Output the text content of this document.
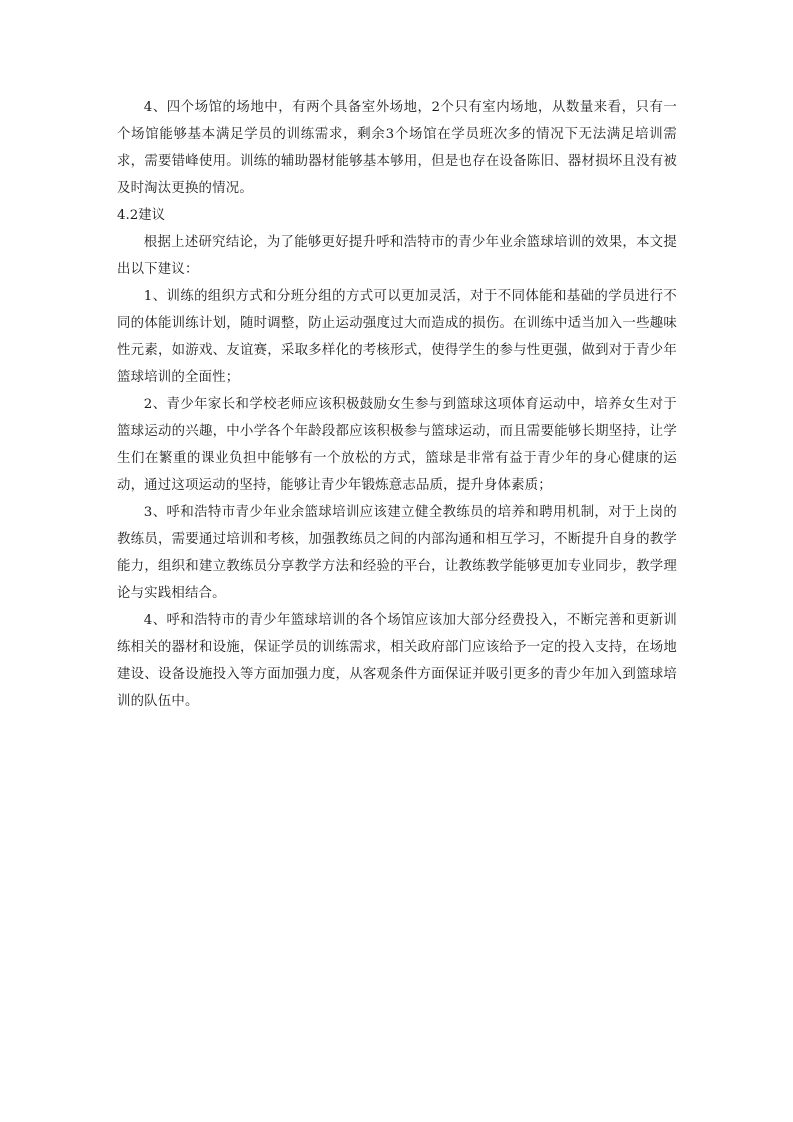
4、四个场馆的场地中，有两个具备室外场地，2个只有室内场地，从数量来看，只有一个场馆能够基本满足学员的训练需求，剩余3个场馆在学员班次多的情况下无法满足培训需求，需要错峰使用。训练的辅助器材能够基本够用，但是也存在设备陈旧、器材损坏且没有被及时淘汰更换的情况。

4.2建议

根据上述研究结论，为了能够更好提升呼和浩特市的青少年业余篮球培训的效果，本文提出以下建议：

1、训练的组织方式和分班分组的方式可以更加灵活，对于不同体能和基础的学员进行不同的体能训练计划，随时调整，防止运动强度过大而造成的损伤。在训练中适当加入一些趣味性元素，如游戏、友谊赛，采取多样化的考核形式，使得学生的参与性更强，做到对于青少年篮球培训的全面性；

2、青少年家长和学校老师应该积极鼓励女生参与到篮球这项体育运动中，培养女生对于篮球运动的兴趣，中小学各个年龄段都应该积极参与篮球运动，而且需要能够长期坚持，让学生们在繁重的课业负担中能够有一个放松的方式，篮球是非常有益于青少年的身心健康的运动，通过这项运动的坚持，能够让青少年锻炼意志品质，提升身体素质；

3、呼和浩特市青少年业余篮球培训应该建立健全教练员的培养和聘用机制，对于上岗的教练员，需要通过培训和考核，加强教练员之间的内部沟通和相互学习，不断提升自身的教学能力，组织和建立教练员分享教学方法和经验的平台，让教练教学能够更加专业同步，教学理论与实践相结合。

4、呼和浩特市的青少年篮球培训的各个场馆应该加大部分经费投入，不断完善和更新训练相关的器材和设施，保证学员的训练需求，相关政府部门应该给予一定的投入支持，在场地建设、设备设施投入等方面加强力度，从客观条件方面保证并吸引更多的青少年加入到篮球培训的队伍中。
